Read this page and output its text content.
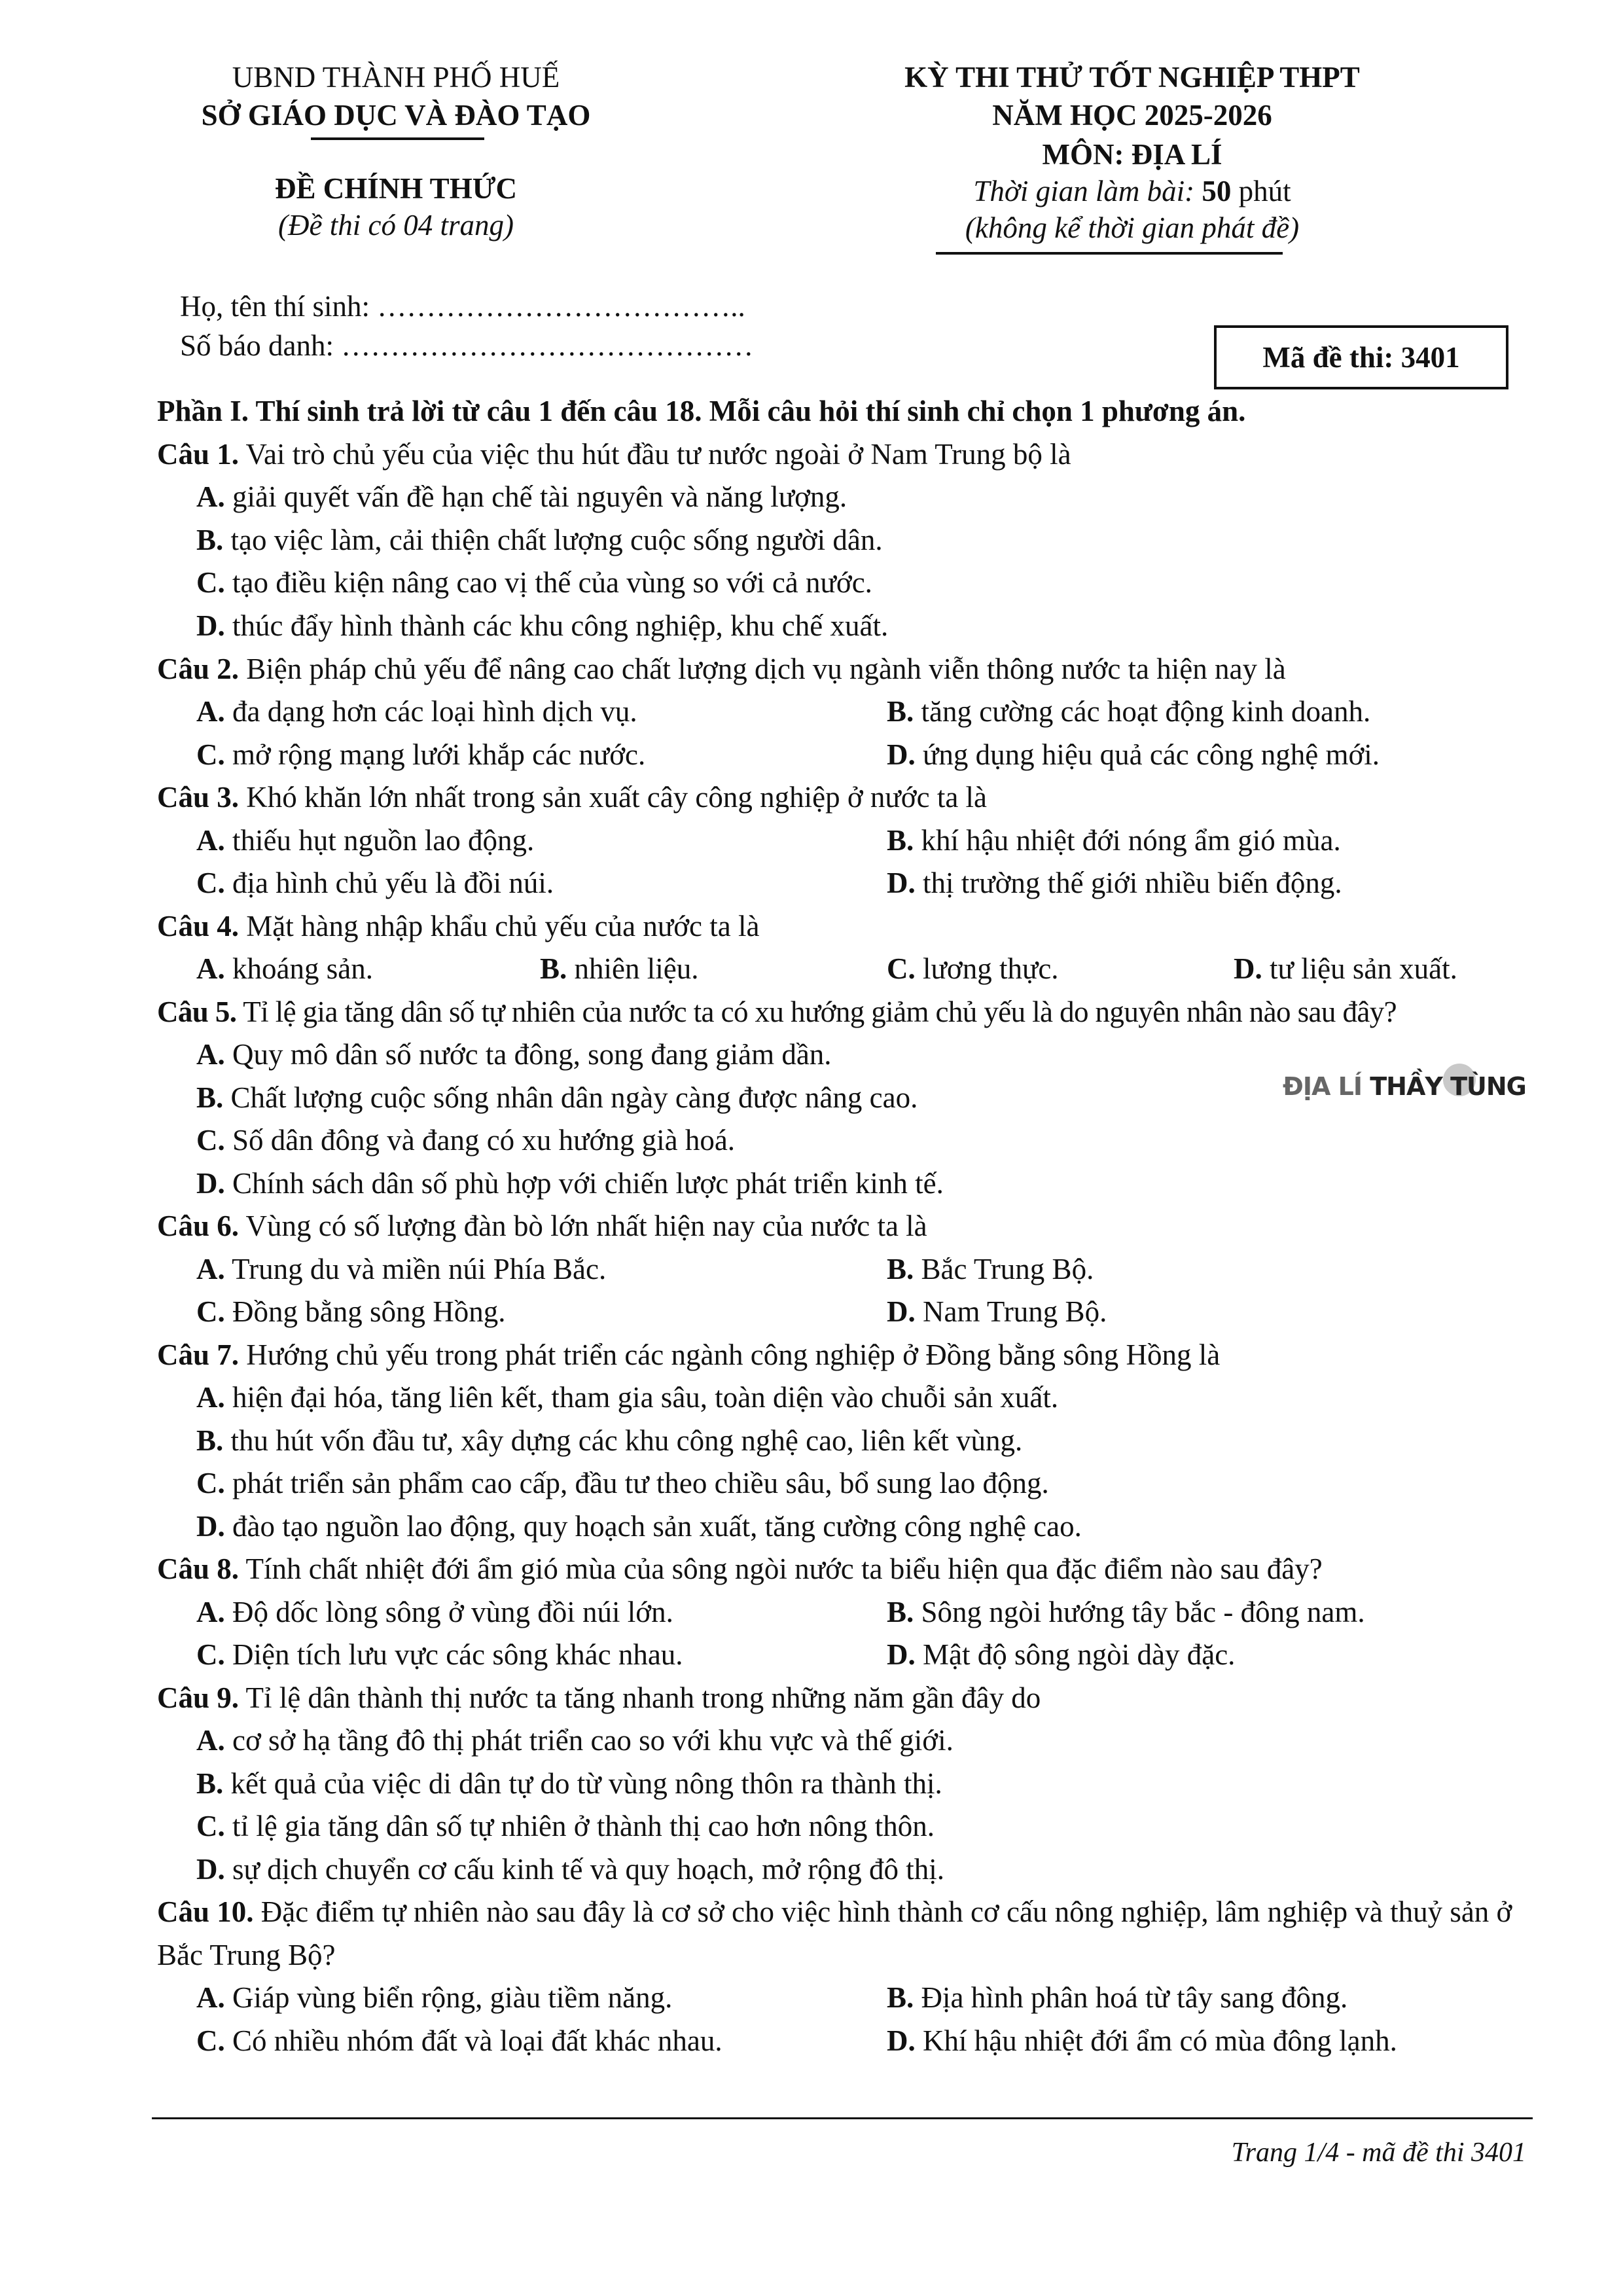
UBND THÀNH PHỐ HUẾ
SỞ GIÁO DỤC VÀ ĐÀO TẠO
ĐỀ CHÍNH THỨC
(Đề thi có 04 trang)
KỲ THI THỬ TỐT NGHIỆP THPT
NĂM HỌC 2025-2026
MÔN: ĐỊA LÍ
Thời gian làm bài: 50 phút
(không kể thời gian phát đề)
Họ, tên thí sinh: ………………………………..
Số báo danh: ……………………………………	Mã đề thi: 3401
Phần I. Thí sinh trả lời từ câu 1 đến câu 18. Mỗi câu hỏi thí sinh chỉ chọn 1 phương án.
Câu 1. Vai trò chủ yếu của việc thu hút đầu tư nước ngoài ở Nam Trung bộ là
A. giải quyết vấn đề hạn chế tài nguyên và năng lượng.
B. tạo việc làm, cải thiện chất lượng cuộc sống người dân.
C. tạo điều kiện nâng cao vị thế của vùng so với cả nước.
D. thúc đẩy hình thành các khu công nghiệp, khu chế xuất.
Câu 2. Biện pháp chủ yếu để nâng cao chất lượng dịch vụ ngành viễn thông nước ta hiện nay là
A. đa dạng hơn các loại hình dịch vụ.	B. tăng cường các hoạt động kinh doanh.
C. mở rộng mạng lưới khắp các nước.	D. ứng dụng hiệu quả các công nghệ mới.
Câu 3. Khó khăn lớn nhất trong sản xuất cây công nghiệp ở nước ta là
A. thiếu hụt nguồn lao động.	B. khí hậu nhiệt đới nóng ẩm gió mùa.
C. địa hình chủ yếu là đồi núi.	D. thị trường thế giới nhiều biến động.
Câu 4. Mặt hàng nhập khẩu chủ yếu của nước ta là
A. khoáng sản.	B. nhiên liệu.	C. lương thực.	D. tư liệu sản xuất.
Câu 5. Tỉ lệ gia tăng dân số tự nhiên của nước ta có xu hướng giảm chủ yếu là do nguyên nhân nào sau đây?
A. Quy mô dân số nước ta đông, song đang giảm dần.
B. Chất lượng cuộc sống nhân dân ngày càng được nâng cao.
C. Số dân đông và đang có xu hướng già hoá.
D. Chính sách dân số phù hợp với chiến lược phát triển kinh tế.
Câu 6. Vùng có số lượng đàn bò lớn nhất hiện nay của nước ta là
A. Trung du và miền núi Phía Bắc.	B. Bắc Trung Bộ.
C. Đồng bằng sông Hồng.	D. Nam Trung Bộ.
Câu 7. Hướng chủ yếu trong phát triển các ngành công nghiệp ở Đồng bằng sông Hồng là
A. hiện đại hóa, tăng liên kết, tham gia sâu, toàn diện vào chuỗi sản xuất.
B. thu hút vốn đầu tư, xây dựng các khu công nghệ cao, liên kết vùng.
C. phát triển sản phẩm cao cấp, đầu tư theo chiều sâu, bổ sung lao động.
D. đào tạo nguồn lao động, quy hoạch sản xuất, tăng cường công nghệ cao.
Câu 8. Tính chất nhiệt đới ẩm gió mùa của sông ngòi nước ta biểu hiện qua đặc điểm nào sau đây?
A. Độ dốc lòng sông ở vùng đồi núi lớn.	B. Sông ngòi hướng tây bắc - đông nam.
C. Diện tích lưu vực các sông khác nhau.	D. Mật độ sông ngòi dày đặc.
Câu 9. Tỉ lệ dân thành thị nước ta tăng nhanh trong những năm gần đây do
A. cơ sở hạ tầng đô thị phát triển cao so với khu vực và thế giới.
B. kết quả của việc di dân tự do từ vùng nông thôn ra thành thị.
C. tỉ lệ gia tăng dân số tự nhiên ở thành thị cao hơn nông thôn.
D. sự dịch chuyển cơ cấu kinh tế và quy hoạch, mở rộng đô thị.
Câu 10. Đặc điểm tự nhiên nào sau đây là cơ sở cho việc hình thành cơ cấu nông nghiệp, lâm nghiệp và thuỷ sản ở Bắc Trung Bộ?
A. Giáp vùng biển rộng, giàu tiềm năng.	B. Địa hình phân hoá từ tây sang đông.
C. Có nhiều nhóm đất và loại đất khác nhau.	D. Khí hậu nhiệt đới ẩm có mùa đông lạnh.
ĐỊA LÍ THẦY TÙNG
Trang 1/4 - mã đề thi 3401
